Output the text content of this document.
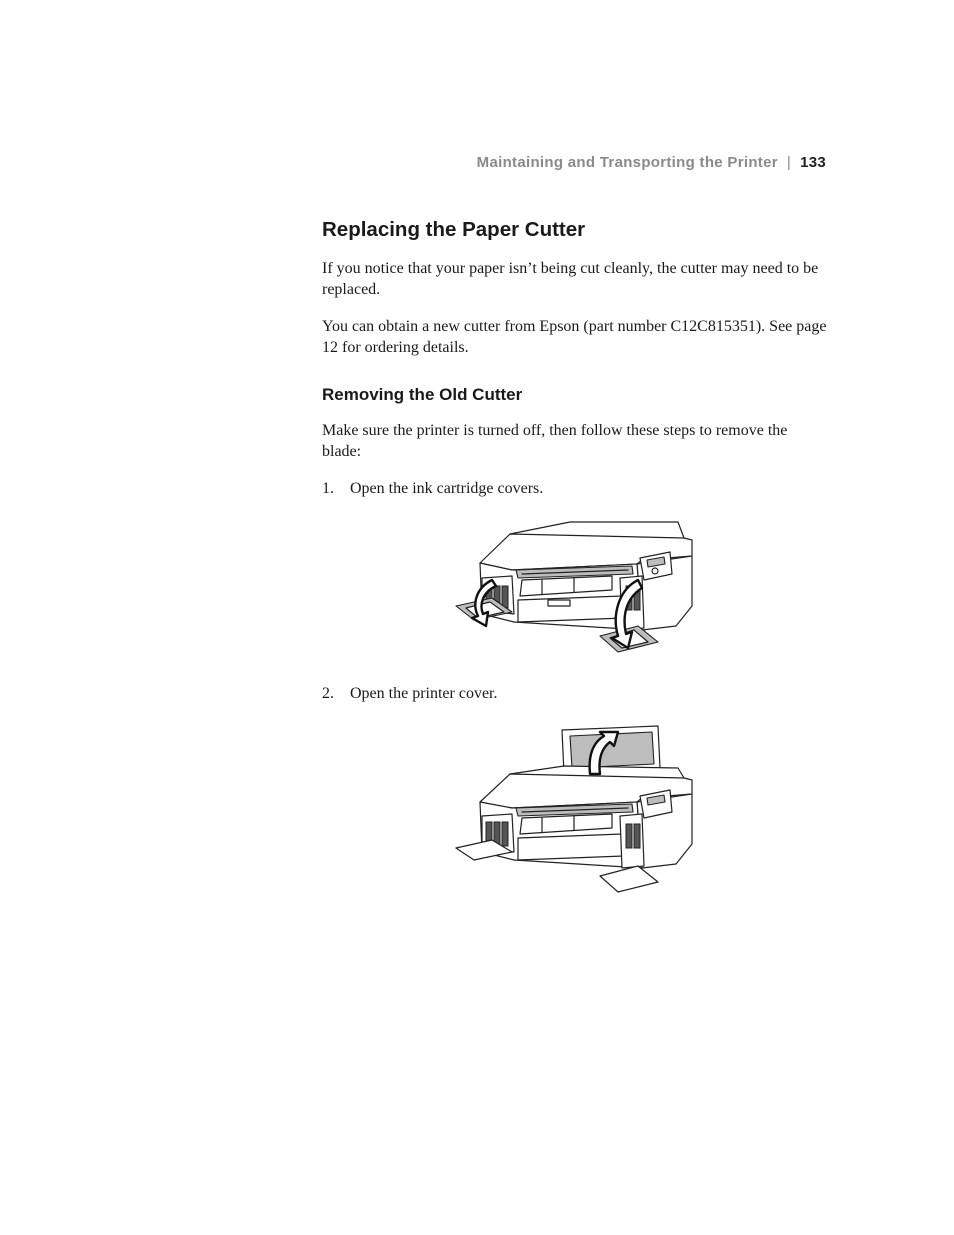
Maintaining and Transporting the Printer | 133
Replacing the Paper Cutter

If you notice that your paper isn’t being cut cleanly, the cutter may need to be replaced.

You can obtain a new cutter from Epson (part number C12C815351). See page 12 for ordering details.

Removing the Old Cutter

Make sure the printer is turned off, then follow these steps to remove the blade:

1. Open the ink cartridge covers.

2. Open the printer cover.
